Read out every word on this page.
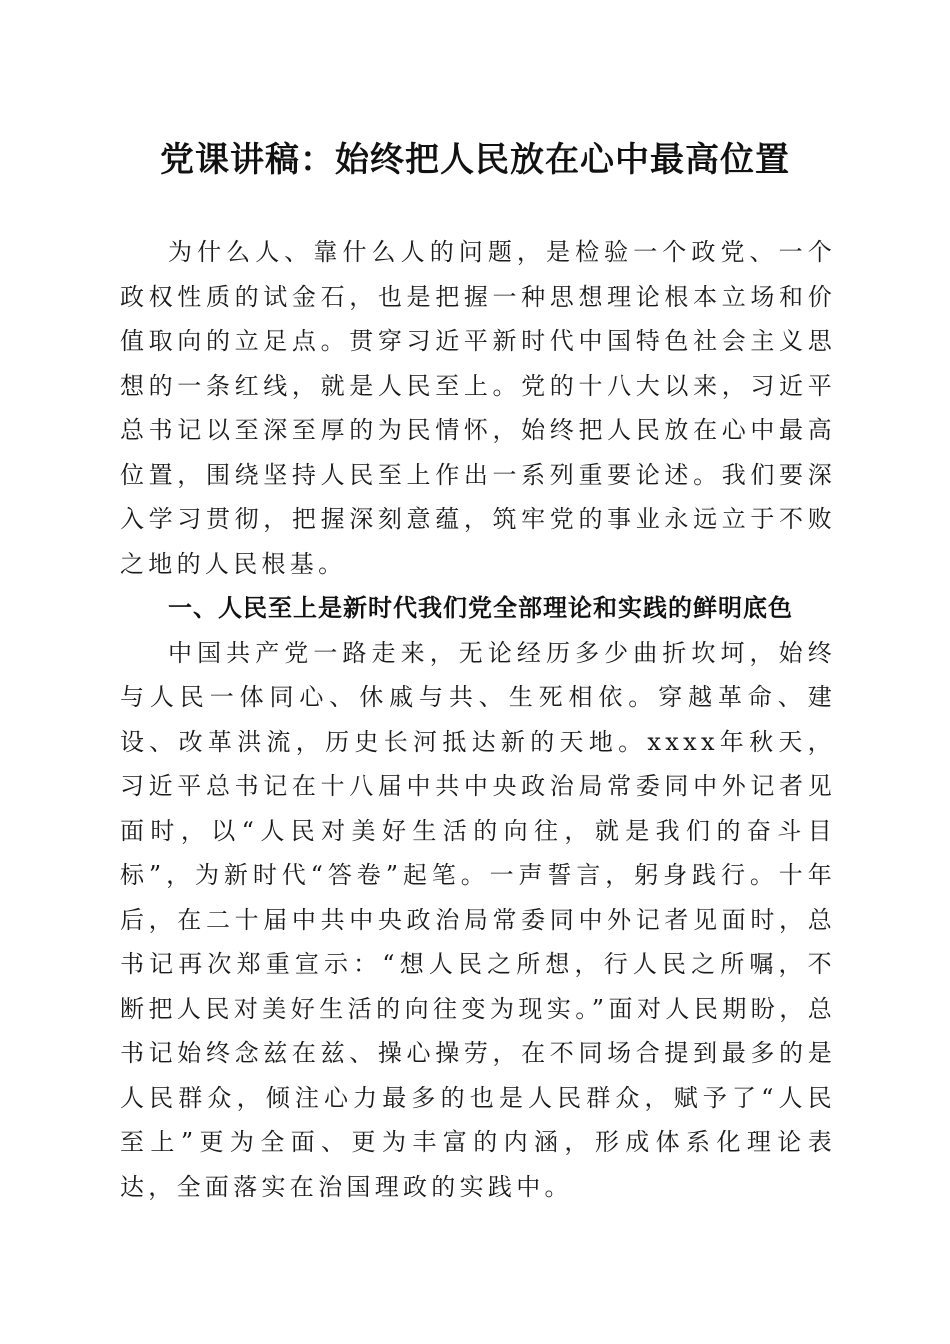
党课讲稿：始终把人民放在心中最高位置

为什么人、靠什么人的问题，是检验一个政党、一个政权性质的试金石，也是把握一种思想理论根本立场和价值取向的立足点。贯穿习近平新时代中国特色社会主义思想的一条红线，就是人民至上。党的十八大以来，习近平总书记以至深至厚的为民情怀，始终把人民放在心中最高位置，围绕坚持人民至上作出一系列重要论述。我们要深入学习贯彻，把握深刻意蕴，筑牢党的事业永远立于不败之地的人民根基。

一、人民至上是新时代我们党全部理论和实践的鲜明底色

中国共产党一路走来，无论经历多少曲折坎坷，始终与人民一体同心、休戚与共、生死相依。穿越革命、建设、改革洪流，历史长河抵达新的天地。xxxx年秋天，习近平总书记在十八届中共中央政治局常委同中外记者见面时，以“人民对美好生活的向往，就是我们的奋斗目标”，为新时代“答卷”起笔。一声誓言，躬身践行。十年后，在二十届中共中央政治局常委同中外记者见面时，总书记再次郑重宣示：“想人民之所想，行人民之所嘱，不断把人民对美好生活的向往变为现实。”面对人民期盼，总书记始终念兹在兹、操心操劳，在不同场合提到最多的是人民群众，倾注心力最多的也是人民群众，赋予了“人民至上”更为全面、更为丰富的内涵，形成体系化理论表达，全面落实在治国理政的实践中。
